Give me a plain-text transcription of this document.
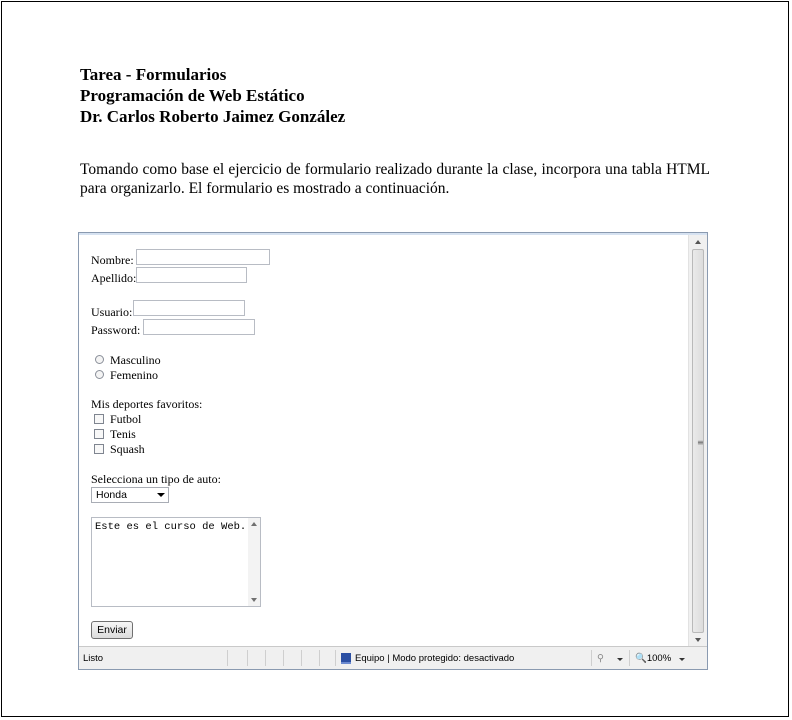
Tarea - Formularios
Programación de Web Estático
Dr. Carlos Roberto Jaimez González
Tomando como base el ejercicio de formulario realizado durante la clase, incorpora una tabla HTML para organizarlo. El formulario es mostrado a continuación.
Nombre:
Apellido:
Usuario:
Password:
Masculino
Femenino
Mis deportes favoritos:
Futbol
Tenis
Squash
Selecciona un tipo de auto:
Honda
Este es el curso de Web.
Enviar
≡
Listo	Equipo | Modo protegido: desactivado	⚲	🔍100%
